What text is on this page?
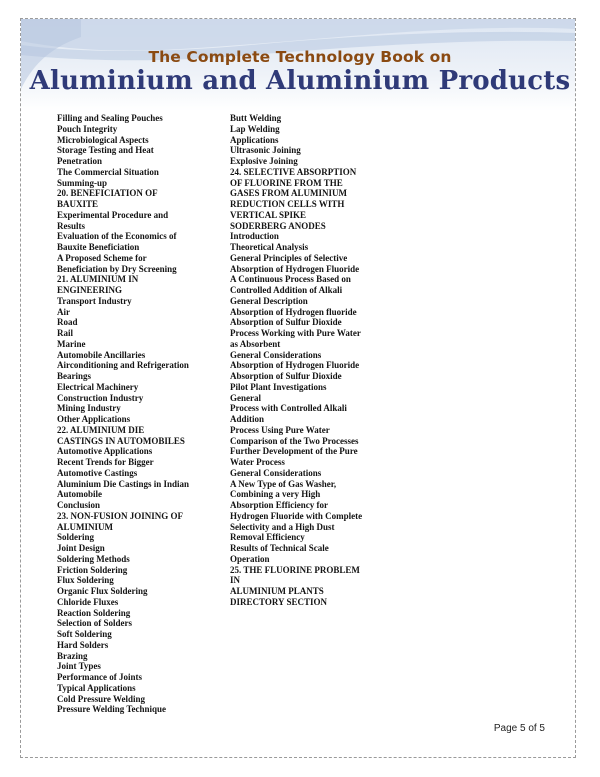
The Complete Technology Book on
Aluminium and Aluminium Products
Filling and Sealing Pouches
Pouch Integrity
Microbiological Aspects
Storage Testing and Heat
Penetration
The Commercial Situation
Summing-up
20. BENEFICIATION OF
BAUXITE
Experimental Procedure and
Results
Evaluation of the Economics of
Bauxite Beneficiation
A Proposed Scheme for
Beneficiation by Dry Screening
21. ALUMINIUM IN
ENGINEERING
Transport Industry
Air
Road
Rail
Marine
Automobile Ancillaries
Airconditioning and Refrigeration
Bearings
Electrical Machinery
Construction Industry
Mining Industry
Other Applications
22. ALUMINIUM DIE
CASTINGS IN AUTOMOBILES
Automotive Applications
Recent Trends for Bigger
Automotive Castings
Aluminium Die Castings in Indian
Automobile
Conclusion
23. NON-FUSION JOINING OF
ALUMINIUM
Soldering
Joint Design
Soldering Methods
Friction Soldering
Flux Soldering
Organic Flux Soldering
Chloride Fluxes
Reaction Soldering
Selection of Solders
Soft Soldering
Hard Solders
Brazing
Joint Types
Performance of Joints
Typical Applications
Cold Pressure Welding
Pressure Welding Technique
Butt Welding
Lap Welding
Applications
Ultrasonic Joining
Explosive Joining
24. SELECTIVE ABSORPTION
OF FLUORINE FROM THE
GASES FROM ALUMINIUM
REDUCTION CELLS WITH
VERTICAL SPIKE
SODERBERG ANODES
Introduction
Theoretical Analysis
General Principles of Selective
Absorption of Hydrogen Fluoride
A Continuous Process Based on
Controlled Addition of Alkali
General Description
Absorption of Hydrogen fluoride
Absorption of Sulfur Dioxide
Process Working with Pure Water
as Absorbent
General Considerations
Absorption of Hydrogen Fluoride
Absorption of Sulfur Dioxide
Pilot Plant Investigations
General
Process with Controlled Alkali
Addition
Process Using Pure Water
Comparison of the Two Processes
Further Development of the Pure
Water Process
General Considerations
A New Type of Gas Washer,
Combining a very High
Absorption Efficiency for
Hydrogen Fluoride with Complete
Selectivity and a High Dust
Removal Efficiency
Results of Technical Scale
Operation
25. THE FLUORINE PROBLEM
IN
ALUMINIUM PLANTS
DIRECTORY SECTION
Page 5 of 5
